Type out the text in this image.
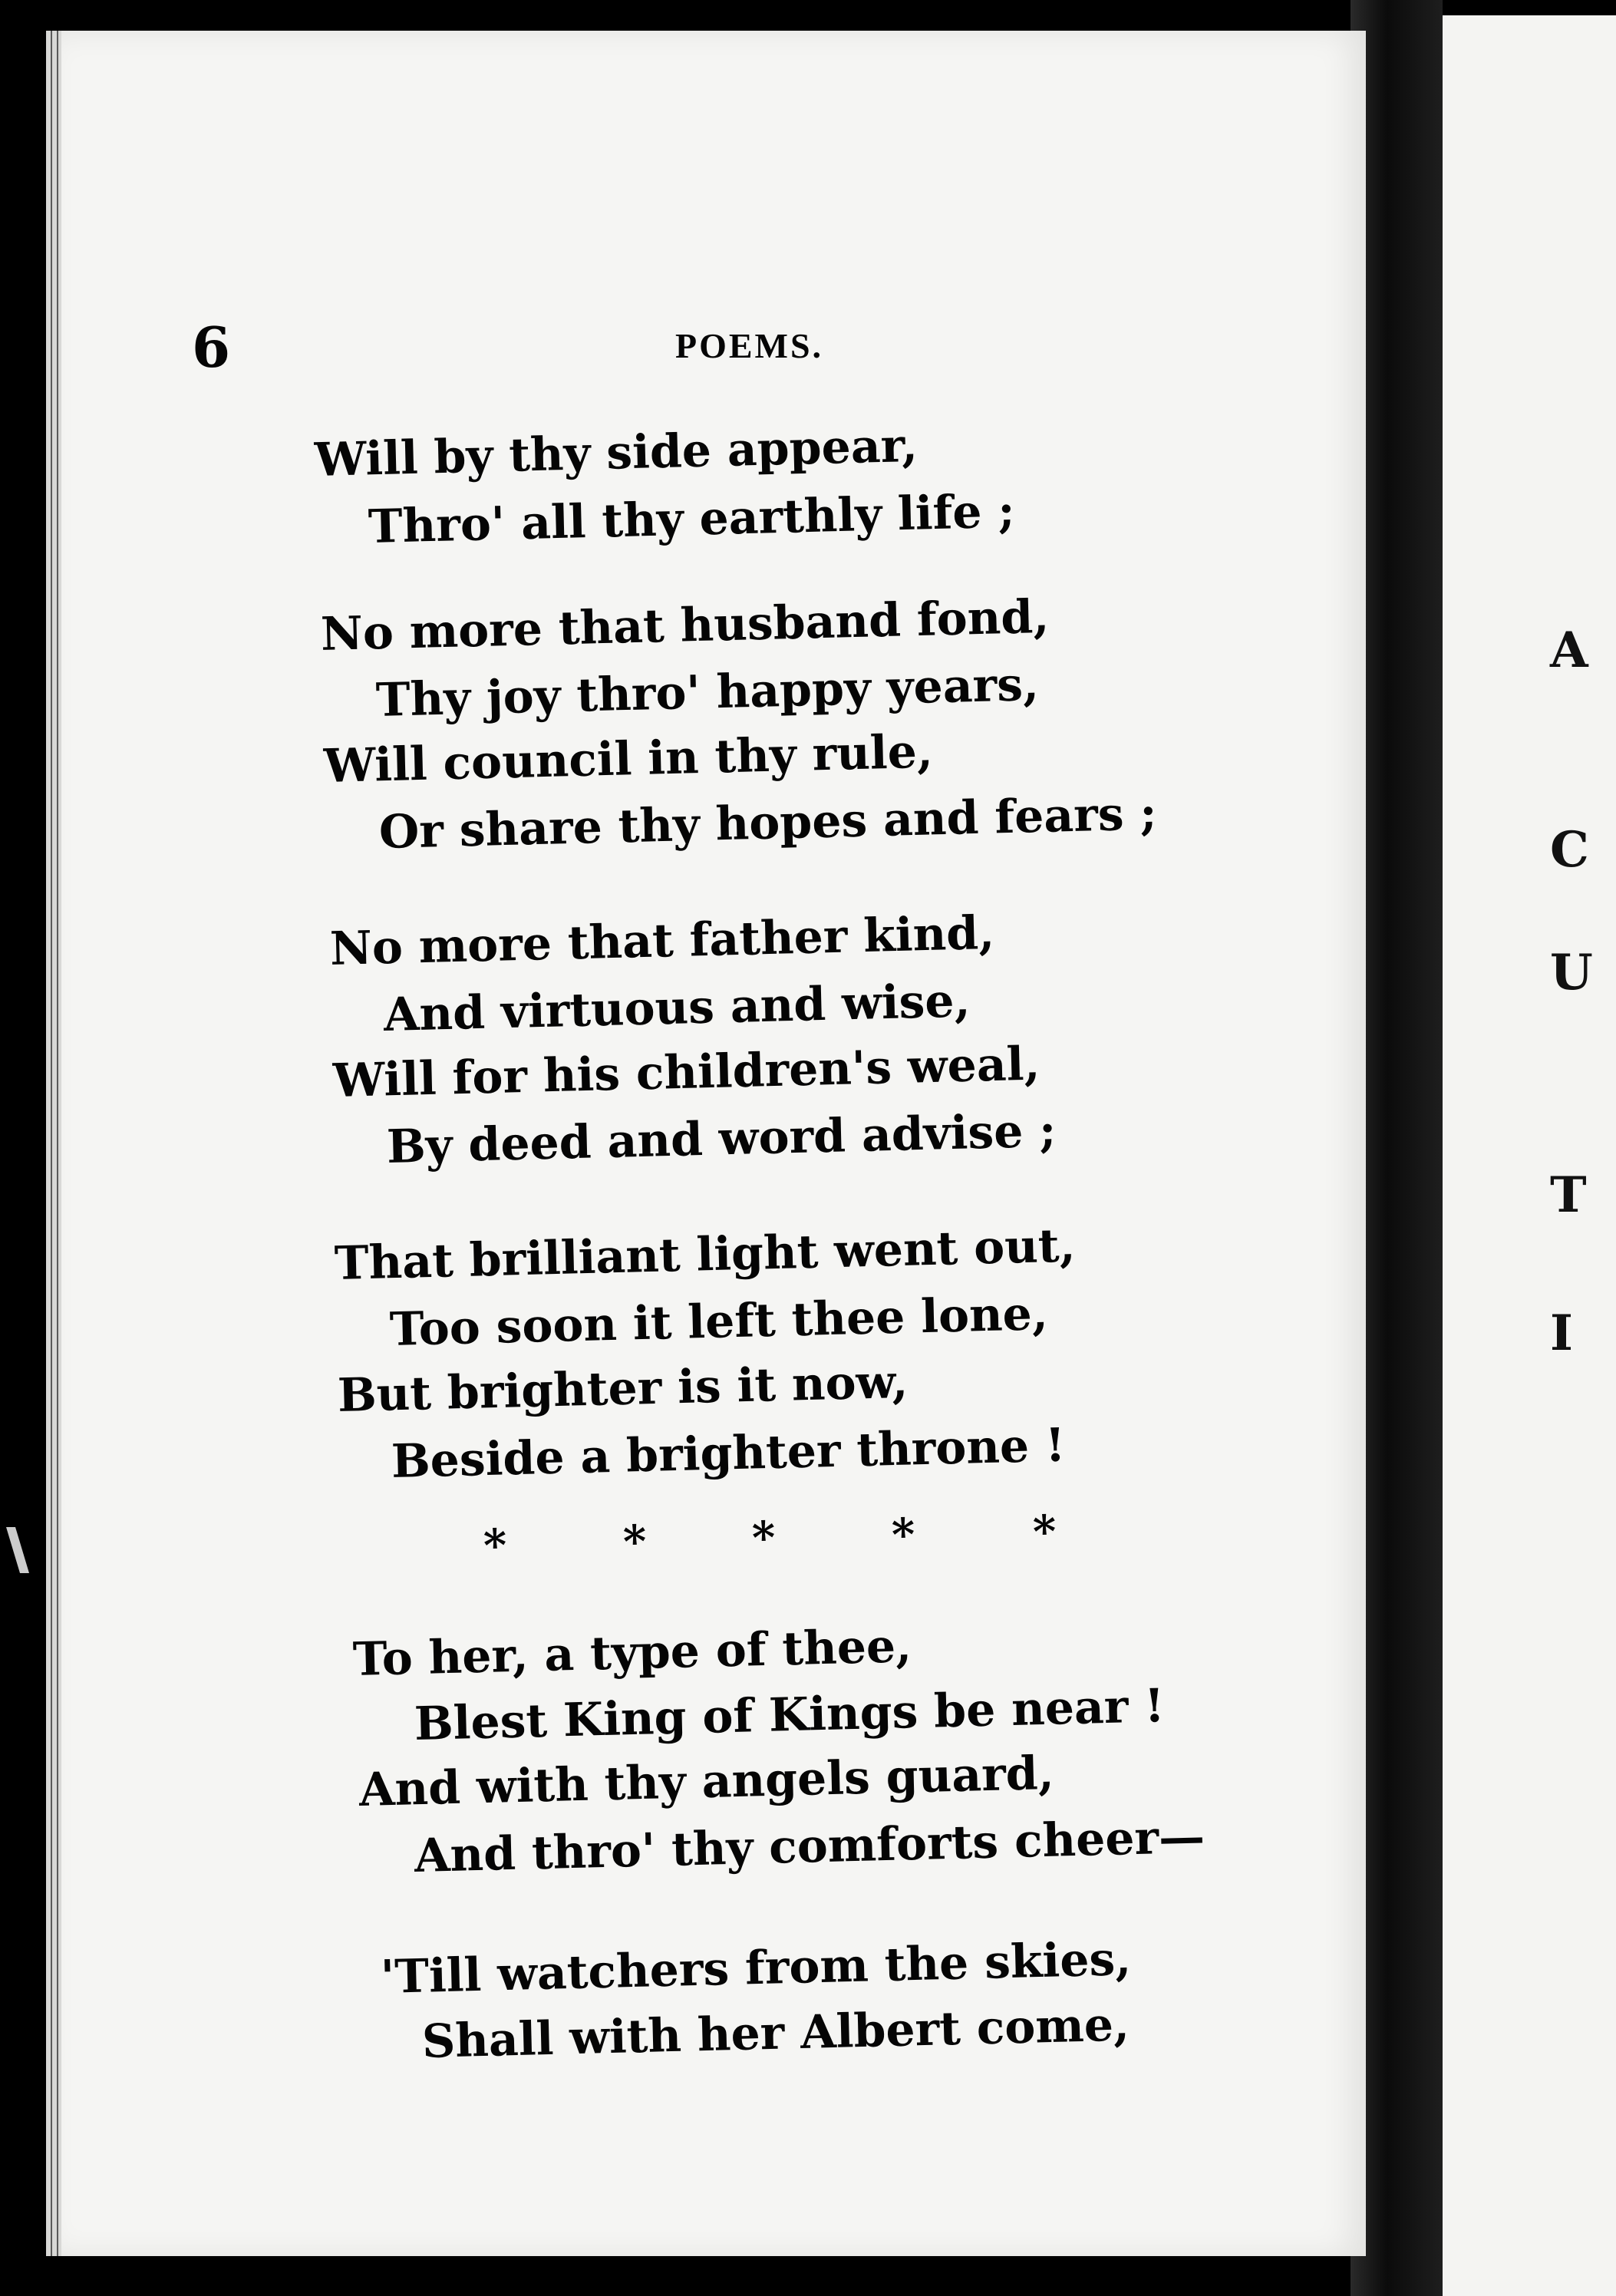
A
C
U
T
I
6	POEMS.
Will by thy side appear,
Thro' all thy earthly life ;
No more that husband fond,
Thy joy thro' happy years,
Will council in thy rule,
Or share thy hopes and fears ;
No more that father kind,
And virtuous and wise,
Will for his children's weal,
By deed and word advise ;
That brilliant light went out,
Too soon it left thee lone,
But brighter is it now,
Beside a brighter throne !
*	* *	*	*
To her, a type of thee,
Blest King of Kings be near !
And with thy angels guard,
And thro' thy comforts cheer—
'Till watchers from the skies,
Shall with her Albert come,
